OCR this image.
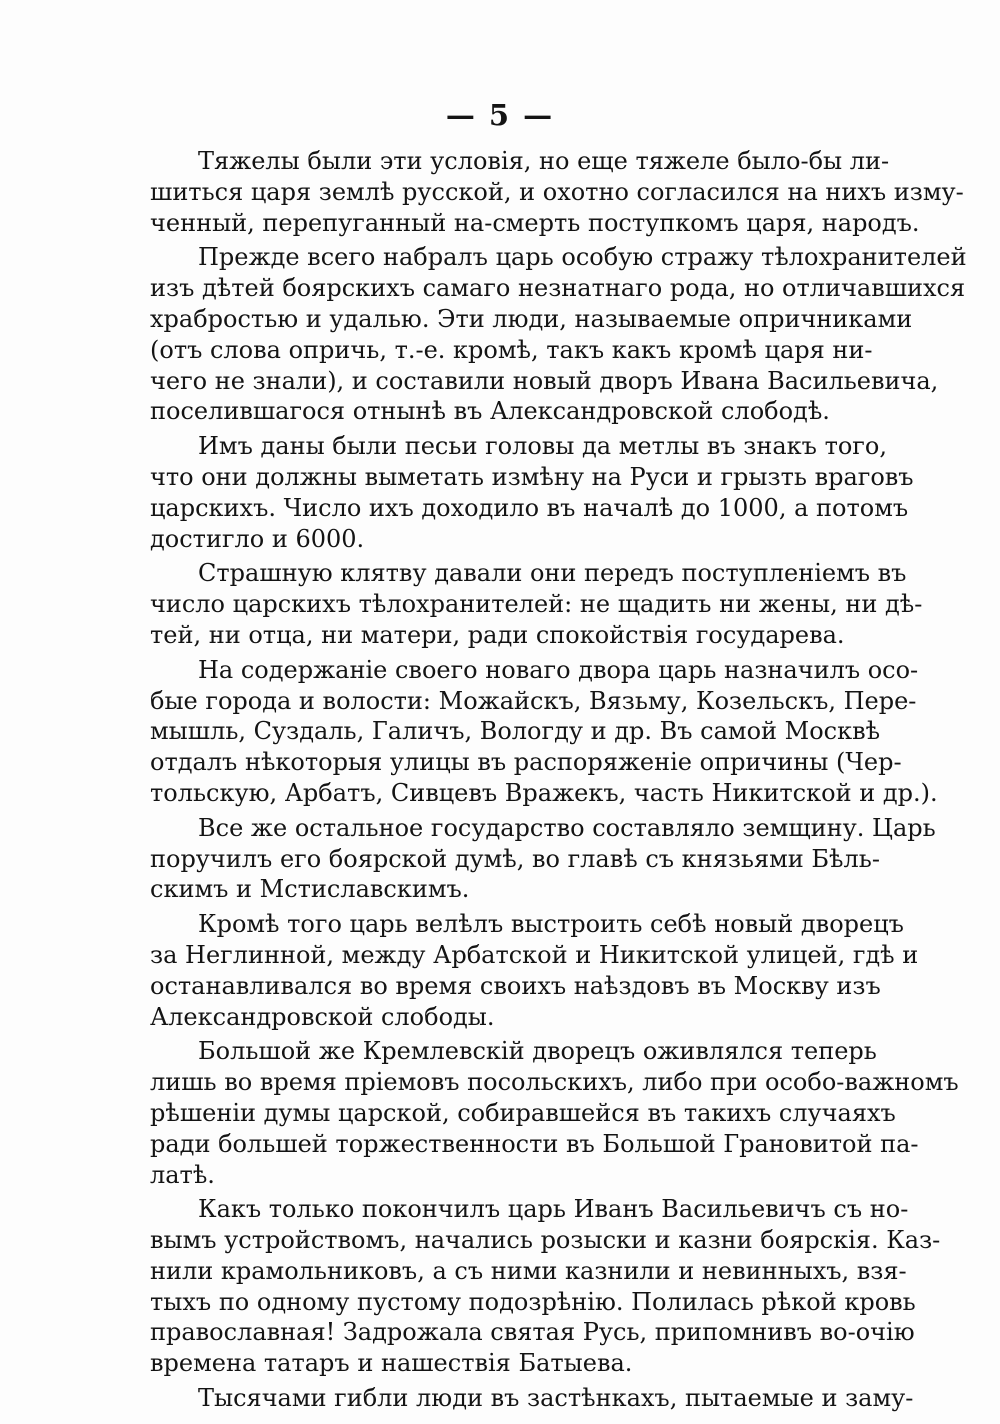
— 5 —
Тяжелы были эти условія, но еще тяжеле было-бы ли-
шиться царя землѣ русской, и охотно согласился на нихъ изму-
ченный, перепуганный на-смерть поступкомъ царя, народъ.
Прежде всего набралъ царь особую стражу тѣлохранителей
изъ дѣтей боярскихъ самаго незнатнаго рода, но отличавшихся
храбростью и удалью. Эти люди, называемые опричниками
(отъ слова опричь, т.-е. кромѣ, такъ какъ кромѣ царя ни-
чего не знали), и составили новый дворъ Ивана Васильевича,
поселившагося отнынѣ въ Александровской слободѣ.
Имъ даны были песьи головы да метлы въ знакъ того,
что они должны выметать измѣну на Руси и грызть враговъ
царскихъ. Число ихъ доходило въ началѣ до 1000, а потомъ
достигло и 6000.
Страшную клятву давали они передъ поступленіемъ въ
число царскихъ тѣлохранителей: не щадить ни жены, ни дѣ-
тей, ни отца, ни матери, ради спокойствія государева.
На содержаніе своего новаго двора царь назначилъ осо-
бые города и волости: Можайскъ, Вязьму, Козельскъ, Пере-
мышль, Суздаль, Галичъ, Вологду и др. Въ самой Москвѣ
отдалъ нѣкоторыя улицы въ распоряженіе опричины (Чер-
тольскую, Арбатъ, Сивцевъ Вражекъ, часть Никитской и др.).
Все же остальное государство составляло земщину. Царь
поручилъ его боярской думѣ, во главѣ съ князьями Бѣль-
скимъ и Мстиславскимъ.
Кромѣ того царь велѣлъ выстроить себѣ новый дворецъ
за Неглинной, между Арбатской и Никитской улицей, гдѣ и
останавливался во время своихъ наѣздовъ въ Москву изъ
Александровской слободы.
Большой же Кремлевскій дворецъ оживлялся теперь
лишь во время пріемовъ посольскихъ, либо при особо-важномъ
рѣшеніи думы царской, собиравшейся въ такихъ случаяхъ
ради большей торжественности въ Большой Грановитой па-
латѣ.
Какъ только покончилъ царь Иванъ Васильевичъ съ но-
вымъ устройствомъ, начались розыски и казни боярскія. Каз-
нили крамольниковъ, а съ ними казнили и невинныхъ, взя-
тыхъ по одному пустому подозрѣнію. Полилась рѣкой кровь
православная! Задрожала святая Русь, припомнивъ во-очію
времена татаръ и нашествія Батыева.
Тысячами гибли люди въ застѣнкахъ, пытаемые и заму-
